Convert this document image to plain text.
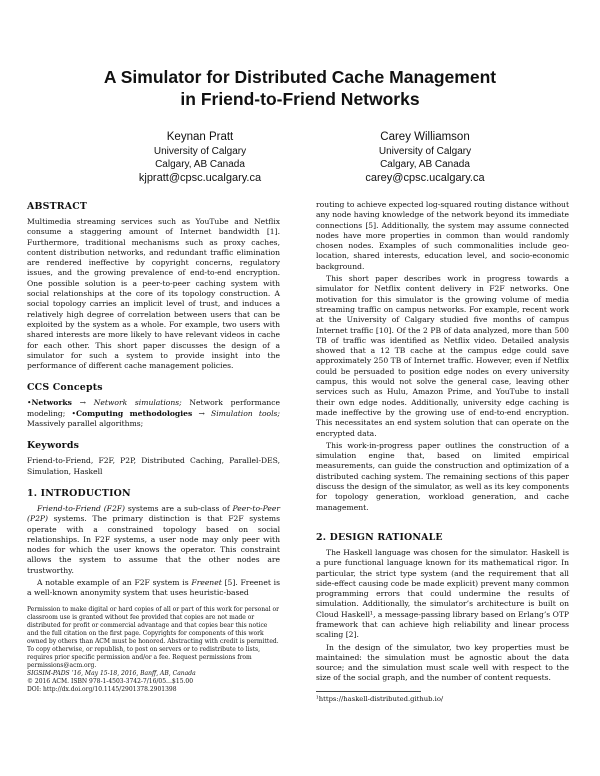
A Simulator for Distributed Cache Management
in Friend-to-Friend Networks
Keynan Pratt
University of Calgary
Calgary, AB Canada
kjpratt@cpsc.ucalgary.ca
Carey Williamson
University of Calgary
Calgary, AB Canada
carey@cpsc.ucalgary.ca
ABSTRACT

Multimedia streaming services such as YouTube and Netflix consume a staggering amount of Internet bandwidth [1]. Furthermore, traditional mechanisms such as proxy caches, content distribution networks, and redundant traffic elimination are rendered ineffective by copyright concerns, regulatory issues, and the growing prevalence of end-to-end encryption. One possible solution is a peer-to-peer caching system with social relationships at the core of its topology construction. A social topology carries an implicit level of trust, and induces a relatively high degree of correlation between users that can be exploited by the system as a whole. For example, two users with shared interests are more likely to have relevant videos in cache for each other. This short paper discusses the design of a simulator for such a system to provide insight into the performance of different cache management policies.

CCS Concepts

•Networks → Network simulations; Network performance modeling; •Computing methodologies → Simulation tools; Massively parallel algorithms;

Keywords

Friend-to-Friend, F2F, P2P, Distributed Caching, Parallel-DES, Simulation, Haskell

1. INTRODUCTION

Friend-to-Friend (F2F) systems are a sub-class of Peer-to-Peer (P2P) systems. The primary distinction is that F2F systems operate with a constrained topology based on social relationships. In F2F systems, a user node may only peer with nodes for which the user knows the operator. This constraint allows the system to assume that the other nodes are trustworthy.

A notable example of an F2F system is Freenet [5]. Freenet is a well-known anonymity system that uses heuristic-based

Permission to make digital or hard copies of all or part of this work for personal or classroom use is granted without fee provided that copies are not made or distributed for profit or commercial advantage and that copies bear this notice and the full citation on the first page. Copyrights for components of this work owned by others than ACM must be honored. Abstracting with credit is permitted. To copy otherwise, or republish, to post on servers or to redistribute to lists, requires prior specific permission and/or a fee. Request permissions from permissions@acm.org.
SIGSIM-PADS ’16, May 15-18, 2016, Banff, AB, Canada
© 2016 ACM. ISBN 978-1-4503-3742-7/16/05…$15.00
DOI: http://dx.doi.org/10.1145/2901378.2901398

routing to achieve expected log-squared routing distance without any node having knowledge of the network beyond its immediate connections [5]. Additionally, the system may assume connected nodes have more properties in common than would randomly chosen nodes. Examples of such commonalities include geo-location, shared interests, education level, and socio-economic background.

This short paper describes work in progress towards a simulator for Netflix content delivery in F2F networks. One motivation for this simulator is the growing volume of media streaming traffic on campus networks. For example, recent work at the University of Calgary studied five months of campus Internet traffic [10]. Of the 2 PB of data analyzed, more than 500 TB of traffic was identified as Netflix video. Detailed analysis showed that a 12 TB cache at the campus edge could save approximately 250 TB of Internet traffic. However, even if Netflix could be persuaded to position edge nodes on every university campus, this would not solve the general case, leaving other services such as Hulu, Amazon Prime, and YouTube to install their own edge nodes. Additionally, university edge caching is made ineffective by the growing use of end-to-end encryption. This necessitates an end system solution that can operate on the encrypted data.

This work-in-progress paper outlines the construction of a simulation engine that, based on limited empirical measurements, can guide the construction and optimization of a distributed caching system. The remaining sections of this paper discuss the design of the simulator, as well as its key components for topology generation, workload generation, and cache management.

2. DESIGN RATIONALE

The Haskell language was chosen for the simulator. Haskell is a pure functional language known for its mathematical rigor. In particular, the strict type system (and the requirement that all side-effect causing code be made explicit) prevent many common programming errors that could undermine the results of simulation. Additionally, the simulator’s architecture is built on Cloud Haskell¹, a message-passing library based on Erlang’s OTP framework that can achieve high reliability and linear process scaling [2].

In the design of the simulator, two key properties must be maintained: the simulation must be agnostic about the data source; and the simulation must scale well with respect to the size of the social graph, and the number of content requests.

¹https://haskell-distributed.github.io/
